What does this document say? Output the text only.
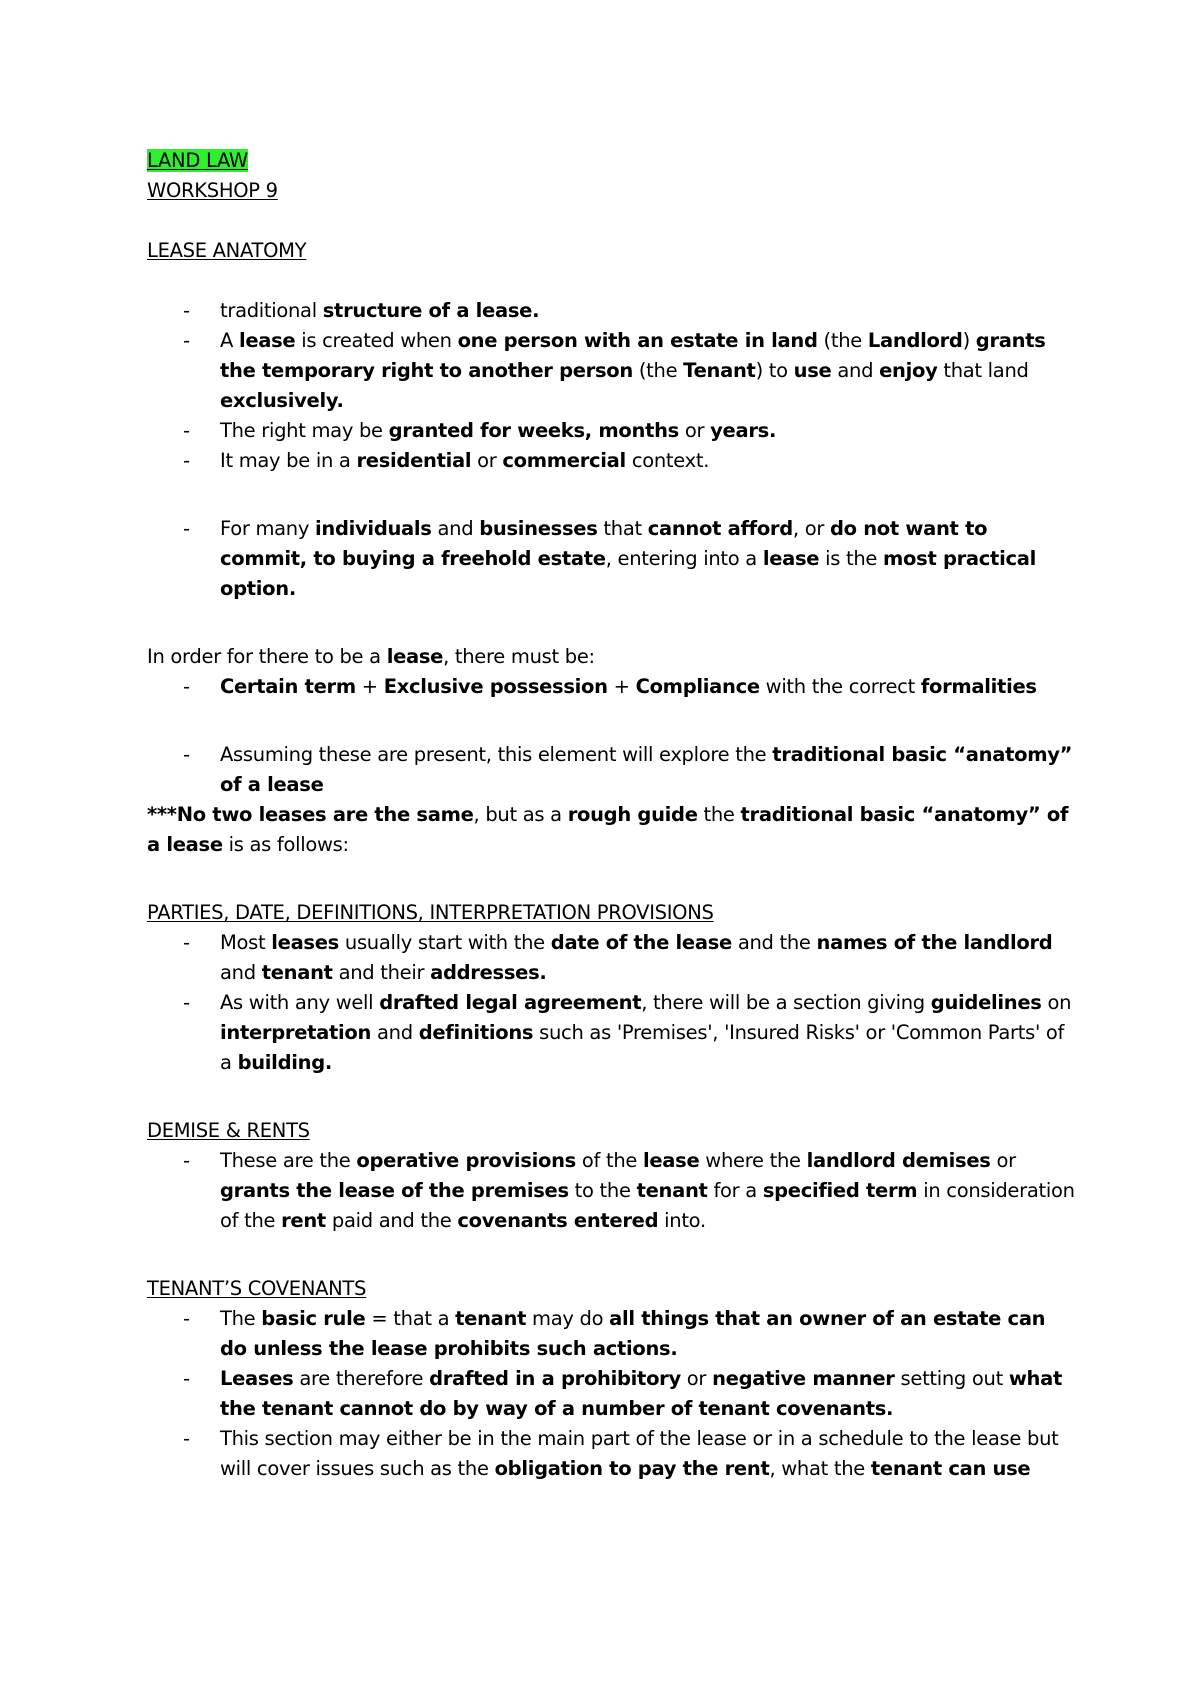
LAND LAW

WORKSHOP 9

LEASE ANATOMY

- traditional structure of a lease.
- A lease is created when one person with an estate in land (the Landlord) grants the temporary right to another person (the Tenant) to use and enjoy that land exclusively.
- The right may be granted for weeks, months or years.
- It may be in a residential or commercial context.
- For many individuals and businesses that cannot afford, or do not want to commit, to buying a freehold estate, entering into a lease is the most practical option.

In order for there to be a lease, there must be:

- Certain term + Exclusive possession + Compliance with the correct formalities
- Assuming these are present, this element will explore the traditional basic “anatomy” of a lease

***No two leases are the same, but as a rough guide the traditional basic “anatomy” of a lease is as follows:

PARTIES, DATE, DEFINITIONS, INTERPRETATION PROVISIONS

- Most leases usually start with the date of the lease and the names of the landlord and tenant and their addresses.
- As with any well drafted legal agreement, there will be a section giving guidelines on interpretation and definitions such as 'Premises', 'Insured Risks' or 'Common Parts' of a building.

DEMISE & RENTS

- These are the operative provisions of the lease where the landlord demises or grants the lease of the premises to the tenant for a specified term in consideration of the rent paid and the covenants entered into.

TENANT’S COVENANTS

- The basic rule = that a tenant may do all things that an owner of an estate can do unless the lease prohibits such actions.
- Leases are therefore drafted in a prohibitory or negative manner setting out what the tenant cannot do by way of a number of tenant covenants.
- This section may either be in the main part of the lease or in a schedule to the lease but will cover issues such as the obligation to pay the rent, what the tenant can use
